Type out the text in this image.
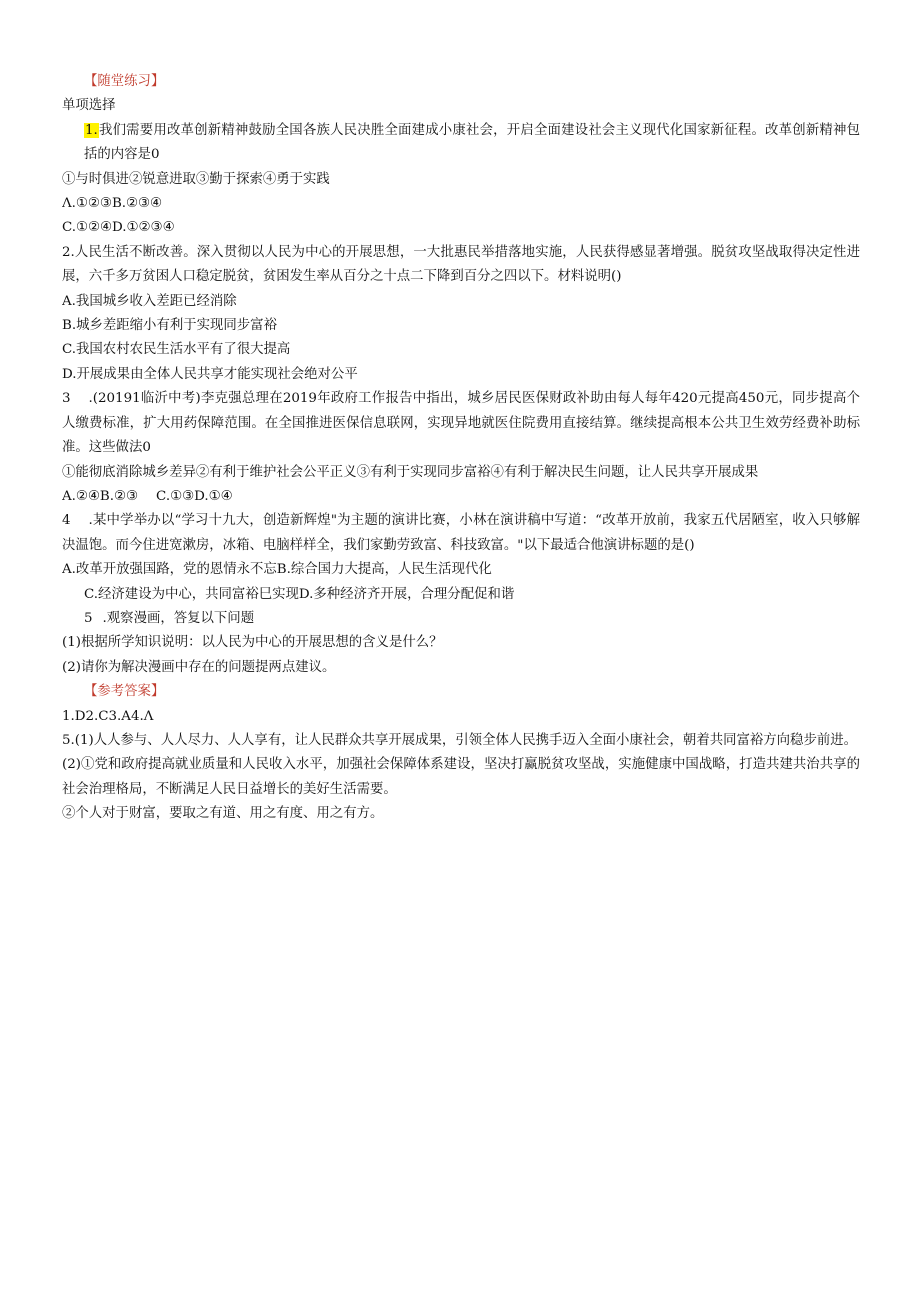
【随堂练习】
单项选择
1.我们需要用改革创新精神鼓励全国各族人民决胜全面建成小康社会，开启全面建设社会主义现代化国家新征程。改革创新精神包括的内容是0
①与时俱进②锐意进取③勤于探索④勇于实践
Λ.①②③B.②③④
C.①②④D.①②③④
2.人民生活不断改善。深入贯彻以人民为中心的开展思想，一大批惠民举措落地实施，人民获得感显著增强。脱贫攻坚战取得决定性进展，六千多万贫困人口稳定脱贫，贫困发生率从百分之十点二下降到百分之四以下。材料说明()
A.我国城乡收入差距已经消除
B.城乡差距缩小有利于实现同步富裕
C.我国农村农民生活水平有了很大提高
D.开展成果由全体人民共享才能实现社会绝对公平
3 .(20191临沂中考)李克强总理在2019年政府工作报告中指出，城乡居民医保财政补助由每人每年420元提高450元，同步提高个人缴费标准，扩大用药保障范围。在全国推进医保信息联网，实现异地就医住院费用直接结算。继续提高根本公共卫生效劳经费补助标准。这些做法0
①能彻底消除城乡差异②有利于维护社会公平正义③有利于实现同步富裕④有利于解决民生问题，让人民共享开展成果
A.②④B.②③ C.①③D.①④
4 .某中学举办以“学习十九大，创造新辉煌"为主题的演讲比赛，小林在演讲稿中写道：“改革开放前，我家五代居陋室，收入只够解决温饱。而今住进宽漱房，冰箱、电脑样样全，我们家勤劳致富、科技致富。"以下最适合他演讲标题的是()
A.改革开放强国路，党的恩情永不忘B.综合国力大提高，人民生活现代化
C.经济建设为中心，共同富裕巳实现D.多种经济齐开展，合理分配促和谐
5 .观察漫画，答复以下问题
(1)根据所学知识说明：以人民为中心的开展思想的含义是什么？
(2)请你为解决漫画中存在的问题提两点建议。
【参考答案】
1.D2.C3.A4.Λ
5.(1)人人参与、人人尽力、人人享有，让人民群众共享开展成果，引领全体人民携手迈入全面小康社会，朝着共同富裕方向稳步前进。
(2)①党和政府提高就业质量和人民收入水平，加强社会保障体系建设，坚决打赢脱贫攻坚战，实施健康中国战略，打造共建共治共享的社会治理格局，不断满足人民日益增长的美好生活需要。
②个人对于财富，要取之有道、用之有度、用之有方。
